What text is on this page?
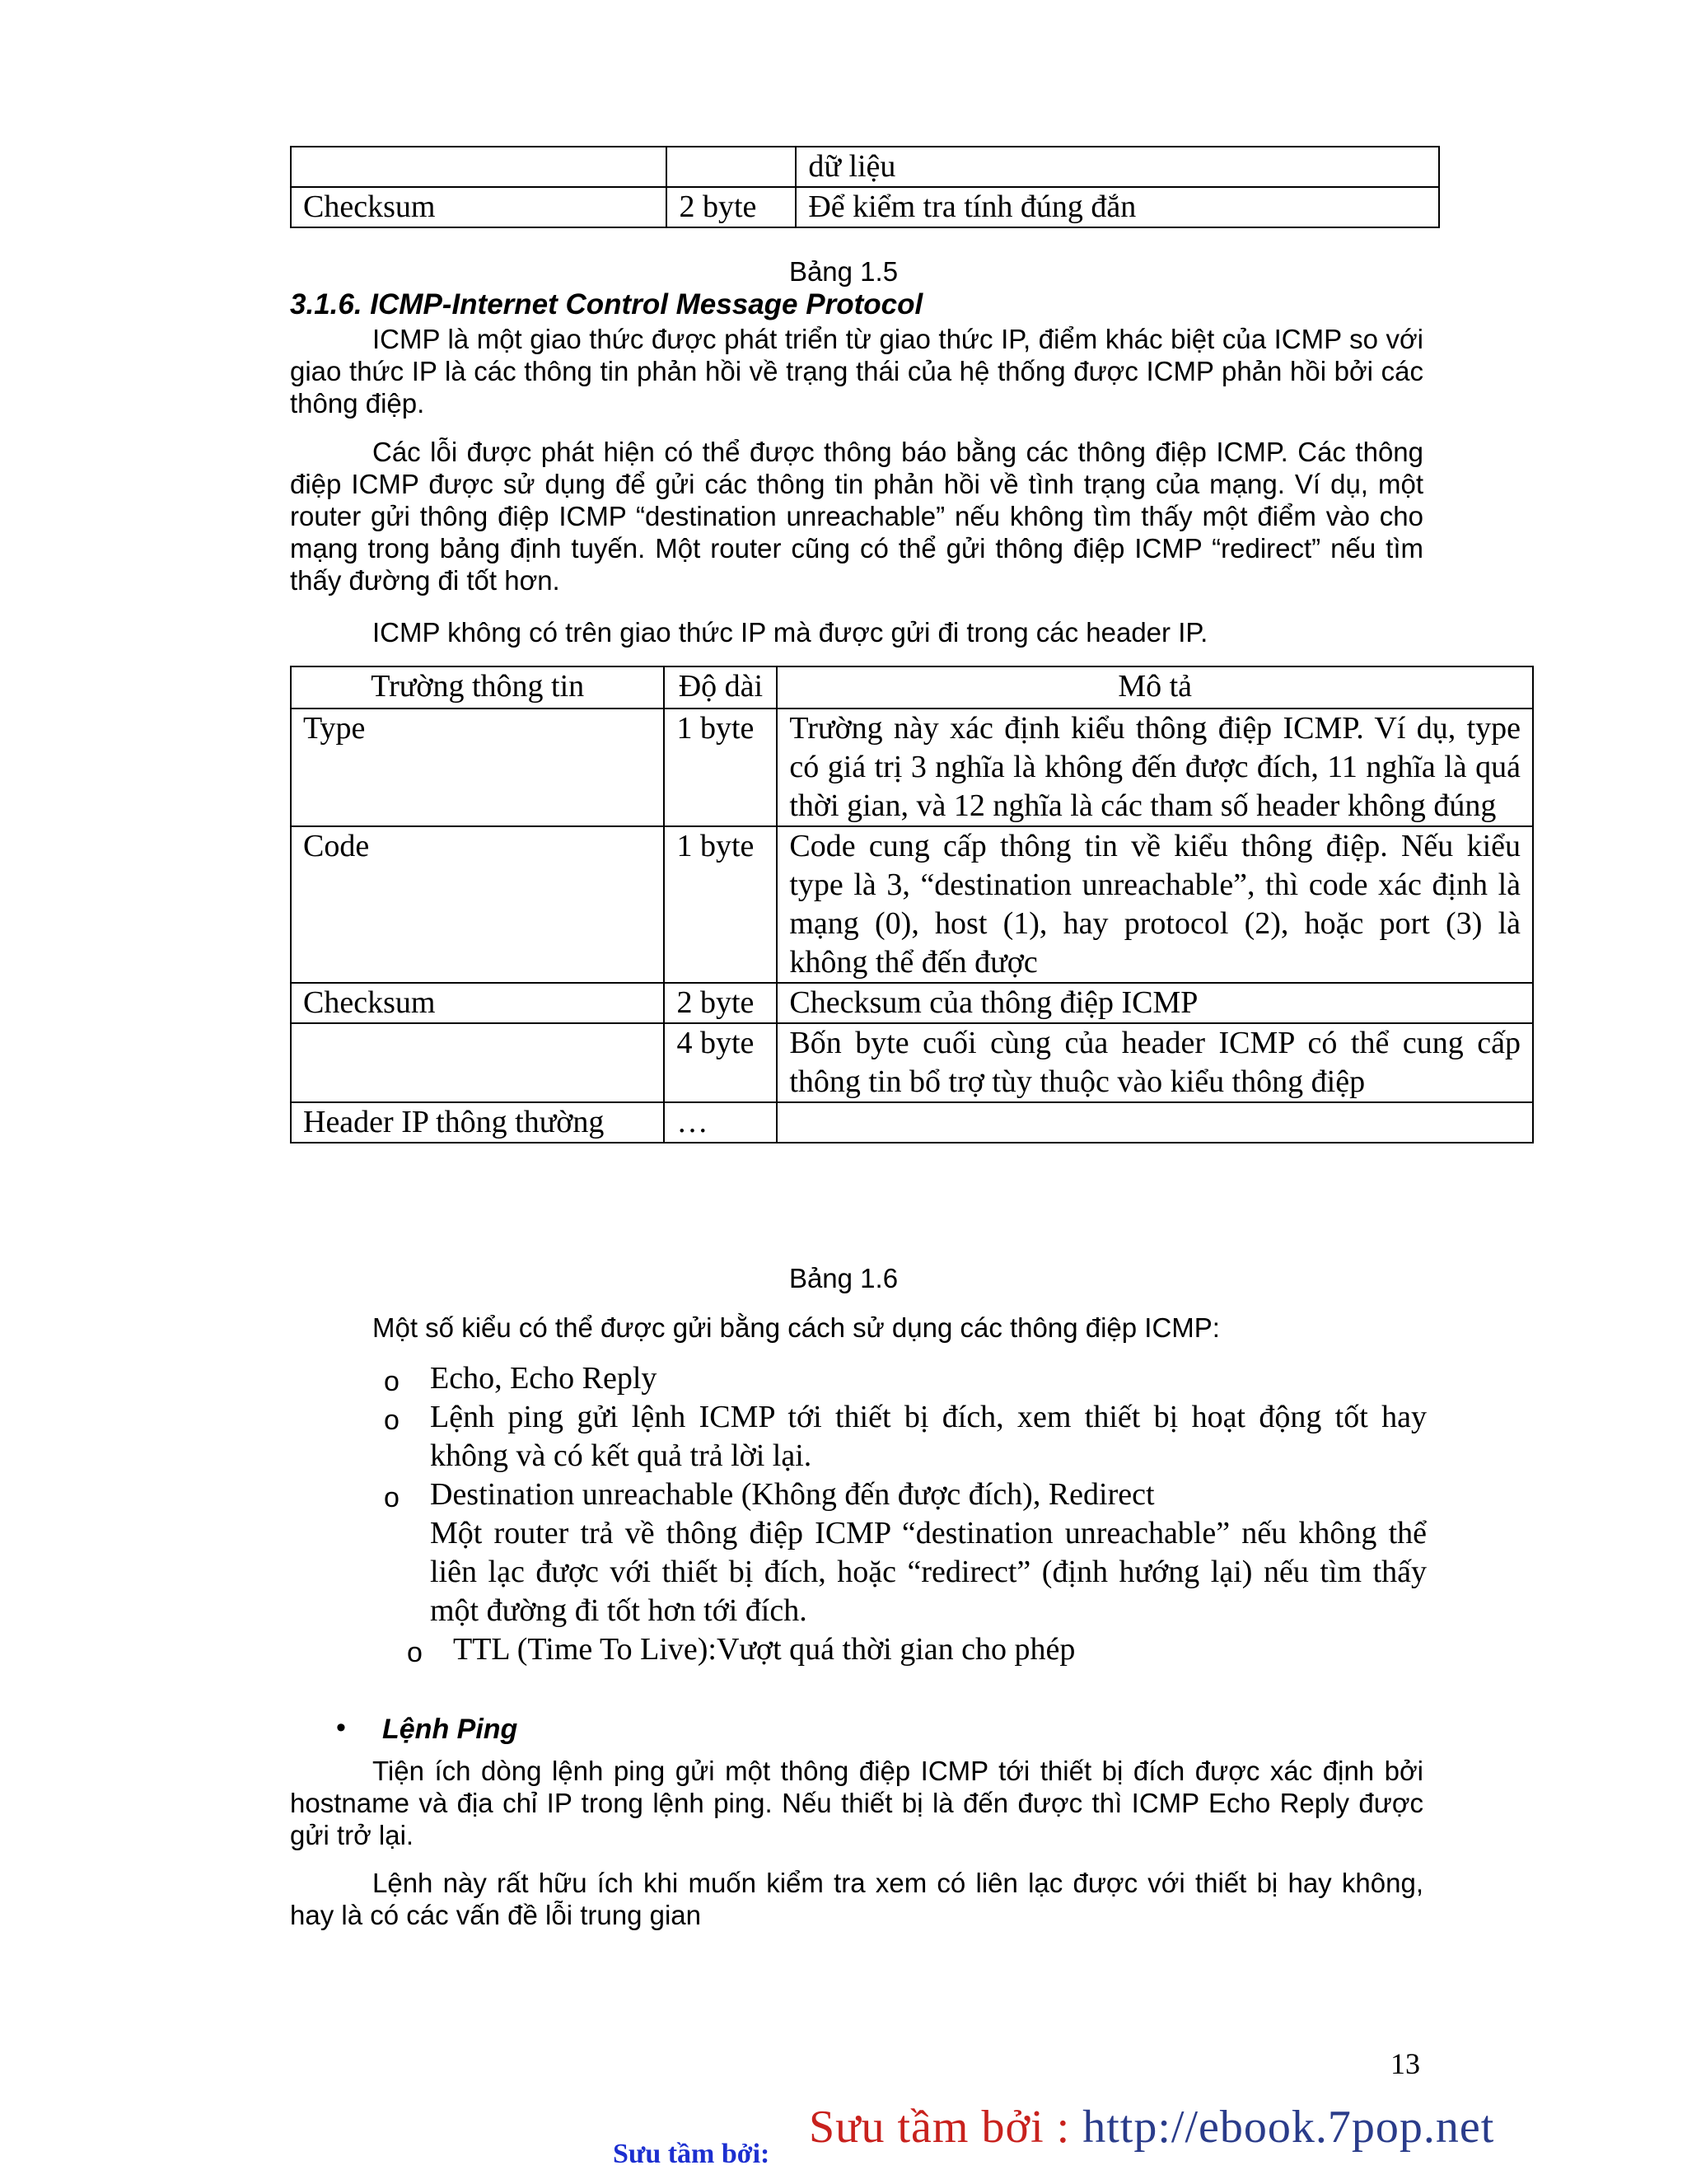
		dữ liệu
Checksum	2 byte	Để kiểm tra tính đúng đắn
Bảng 1.5
3.1.6. ICMP-Internet Control Message Protocol
ICMP là một giao thức được phát triển từ giao thức IP, điểm khác biệt của ICMP so với giao thức IP là các thông tin phản hồi về trạng thái của hệ thống được ICMP phản hồi bởi các thông điệp.
Các lỗi được phát hiện có thể được thông báo bằng các thông điệp ICMP. Các thông điệp ICMP được sử dụng để gửi các thông tin phản hồi về tình trạng của mạng. Ví dụ, một router gửi thông điệp ICMP “destination unreachable” nếu không tìm thấy một điểm vào cho mạng trong bảng định tuyến. Một router cũng có thể gửi thông điệp ICMP “redirect” nếu tìm thấy đường đi tốt hơn.
ICMP không có trên giao thức IP mà được gửi đi trong các header IP.
Trường thông tin	Độ dài	Mô tả
Type	1 byte	Trường này xác định kiểu thông điệp ICMP. Ví dụ, type có giá trị 3 nghĩa là không đến được đích, 11 nghĩa là quá thời gian, và 12 nghĩa là các tham số header không đúng
Code	1 byte	Code cung cấp thông tin về kiểu thông điệp. Nếu kiểu type là 3, “destination unreachable”, thì code xác định là mạng (0), host (1), hay protocol (2), hoặc port (3) là không thể đến được
Checksum	2 byte	Checksum của thông điệp ICMP
	4 byte	Bốn byte cuối cùng của header ICMP có thể cung cấp thông tin bổ trợ tùy thuộc vào kiểu thông điệp
Header IP thông thường	…	
Bảng 1.6
Một số kiểu có thể được gửi bằng cách sử dụng các thông điệp ICMP:
o Echo, Echo Reply
o Lệnh ping gửi lệnh ICMP tới thiết bị đích, xem thiết bị hoạt động tốt hay không và có kết quả trả lời lại.
o Destination unreachable (Không đến được đích), Redirect
Một router trả về thông điệp ICMP “destination unreachable” nếu không thể liên lạc được với thiết bị đích, hoặc “redirect” (định hướng lại) nếu tìm thấy một đường đi tốt hơn tới đích.
o TTL (Time To Live):Vượt quá thời gian cho phép
• Lệnh Ping
Tiện ích dòng lệnh ping gửi một thông điệp ICMP tới thiết bị đích được xác định bởi hostname và địa chỉ IP trong lệnh ping. Nếu thiết bị là đến được thì ICMP Echo Reply được gửi trở lại.
Lệnh này rất hữu ích khi muốn kiểm tra xem có liên lạc được với thiết bị hay không, hay là có các vấn đề lỗi trung gian
13
Sưu tầm bởi : http://ebook.7pop.net
Sưu tầm bởi:
